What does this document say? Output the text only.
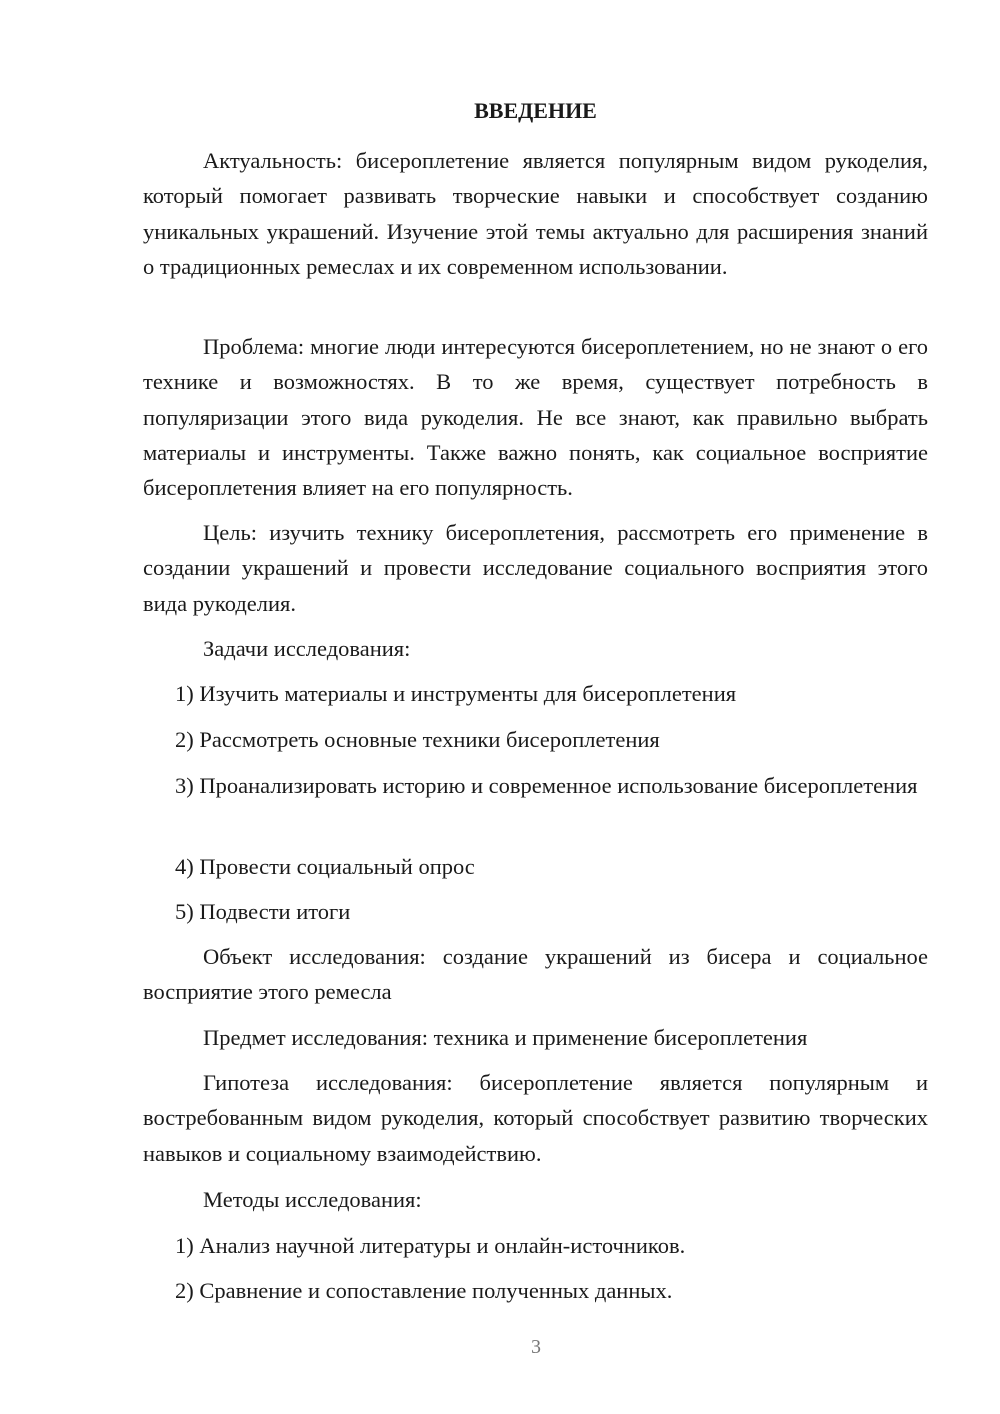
ВВЕДЕНИЕ

Актуальность: бисероплетение является популярным видом рукоделия, который помогает развивать творческие навыки и способствует созданию уникальных украшений. Изучение этой темы актуально для расширения знаний о традиционных ремеслах и их современном использовании.

Проблема: многие люди интересуются бисероплетением, но не знают о его технике и возможностях. В то же время, существует потребность в популяризации этого вида рукоделия. Не все знают, как правильно выбрать материалы и инструменты. Также важно понять, как социальное восприятие бисероплетения влияет на его популярность.

Цель: изучить технику бисероплетения, рассмотреть его применение в создании украшений и провести исследование социального восприятия этого вида рукоделия.

Задачи исследования:

1) Изучить материалы и инструменты для бисероплетения

2) Рассмотреть основные техники бисероплетения

3) Проанализировать историю и современное использование бисероплетения

4) Провести социальный опрос

5) Подвести итоги

Объект исследования: создание украшений из бисера и социальное восприятие этого ремесла

Предмет исследования: техника и применение бисероплетения

Гипотеза исследования: бисероплетение является популярным и востребованным видом рукоделия, который способствует развитию творческих навыков и социальному взаимодействию.

Методы исследования:

1) Анализ научной литературы и онлайн-источников.

2) Сравнение и сопоставление полученных данных.

3
